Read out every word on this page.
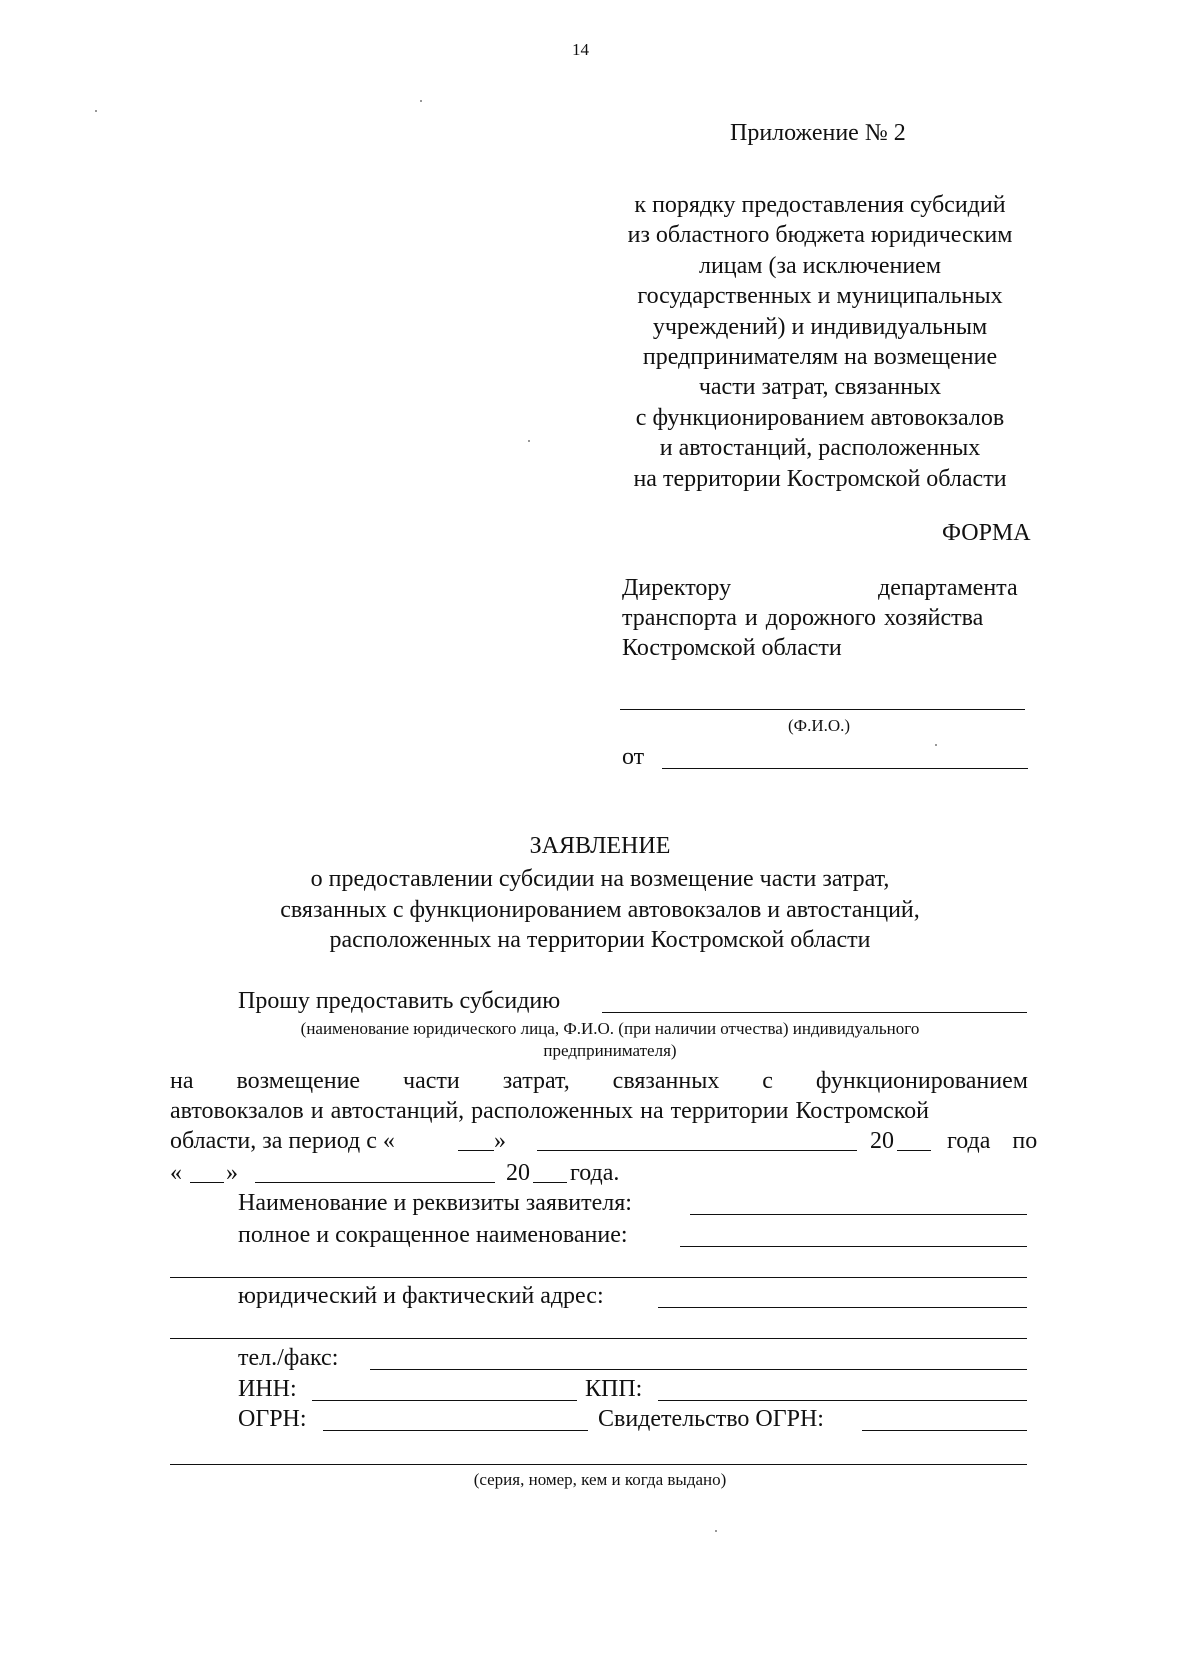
14
Приложение № 2
к порядку предоставления субсидий
из областного бюджета юридическим
лицам (за исключением
государственных и муниципальных
учреждений) и индивидуальным
предпринимателям на возмещение
части затрат, связанных
с функционированием автовокзалов
и автостанций, расположенных
на территории Костромской области
ФОРМА
Директору	департамента
транспорта и дорожного хозяйства
Костромской области
(Ф.И.О.)
от
ЗАЯВЛЕНИЕ
о предоставлении субсидии на возмещение части затрат,
связанных с функционированием автовокзалов и автостанций,
расположенных на территории Костромской области
Прошу предоставить субсидию
(наименование юридического лица, Ф.И.О. (при наличии отчества) индивидуального
предпринимателя)
на возмещение части затрат, связанных с функционированием
автовокзалов и автостанций, расположенных на территории Костромской
области, за период с «	»	20 года по
« »	20 года.
Наименование и реквизиты заявителя:
полное и сокращенное наименование:
юридический и фактический адрес:
тел./факс:
ИНН:	КПП:
ОГРН:	Свидетельство ОГРН:
(серия, номер, кем и когда выдано)
